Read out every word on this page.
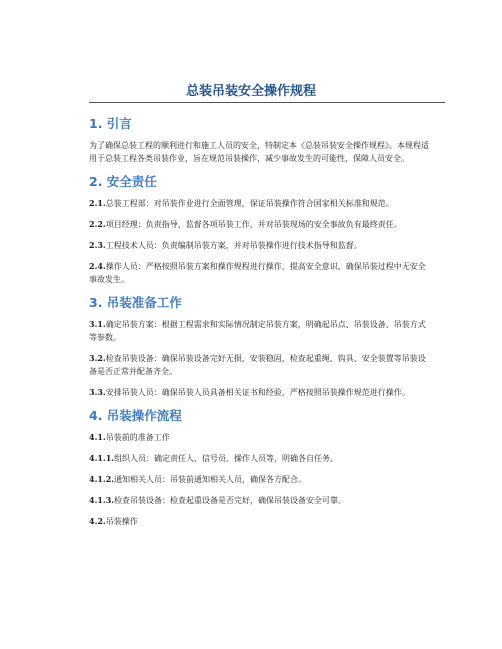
总装吊装安全操作规程
1. 引言

为了确保总装工程的顺利进行和施工人员的安全，特制定本《总装吊装安全操作规程》。本规程适用于总装工程各类吊装作业，旨在规范吊装操作，减少事故发生的可能性，保障人员安全。

2. 安全责任

2.1.总装工程部：对吊装作业进行全面管理，保证吊装操作符合国家相关标准和规范。

2.2.项目经理：负责指导、监督各项吊装工作，并对吊装现场的安全事故负有最终责任。

2.3.工程技术人员：负责编制吊装方案，并对吊装操作进行技术指导和监督。

2.4.操作人员：严格按照吊装方案和操作规程进行操作，提高安全意识，确保吊装过程中无安全事故发生。

3. 吊装准备工作

3.1.确定吊装方案：根据工程需求和实际情况制定吊装方案，明确起吊点、吊装设备、吊装方式等参数。

3.2.检查吊装设备：确保吊装设备完好无损、安装稳固，检查起重绳、钩具、安全装置等吊装设备是否正常并配备齐全。

3.3.安排吊装人员：确保吊装人员具备相关证书和经验，严格按照吊装操作规范进行操作。

4. 吊装操作流程

4.1.吊装前的准备工作

4.1.1.组织人员：确定责任人、信号员、操作人员等，明确各自任务。

4.1.2.通知相关人员：吊装前通知相关人员，确保各方配合。

4.1.3.检查吊装设备：检查起重设备是否完好，确保吊装设备安全可靠。

4.2.吊装操作
